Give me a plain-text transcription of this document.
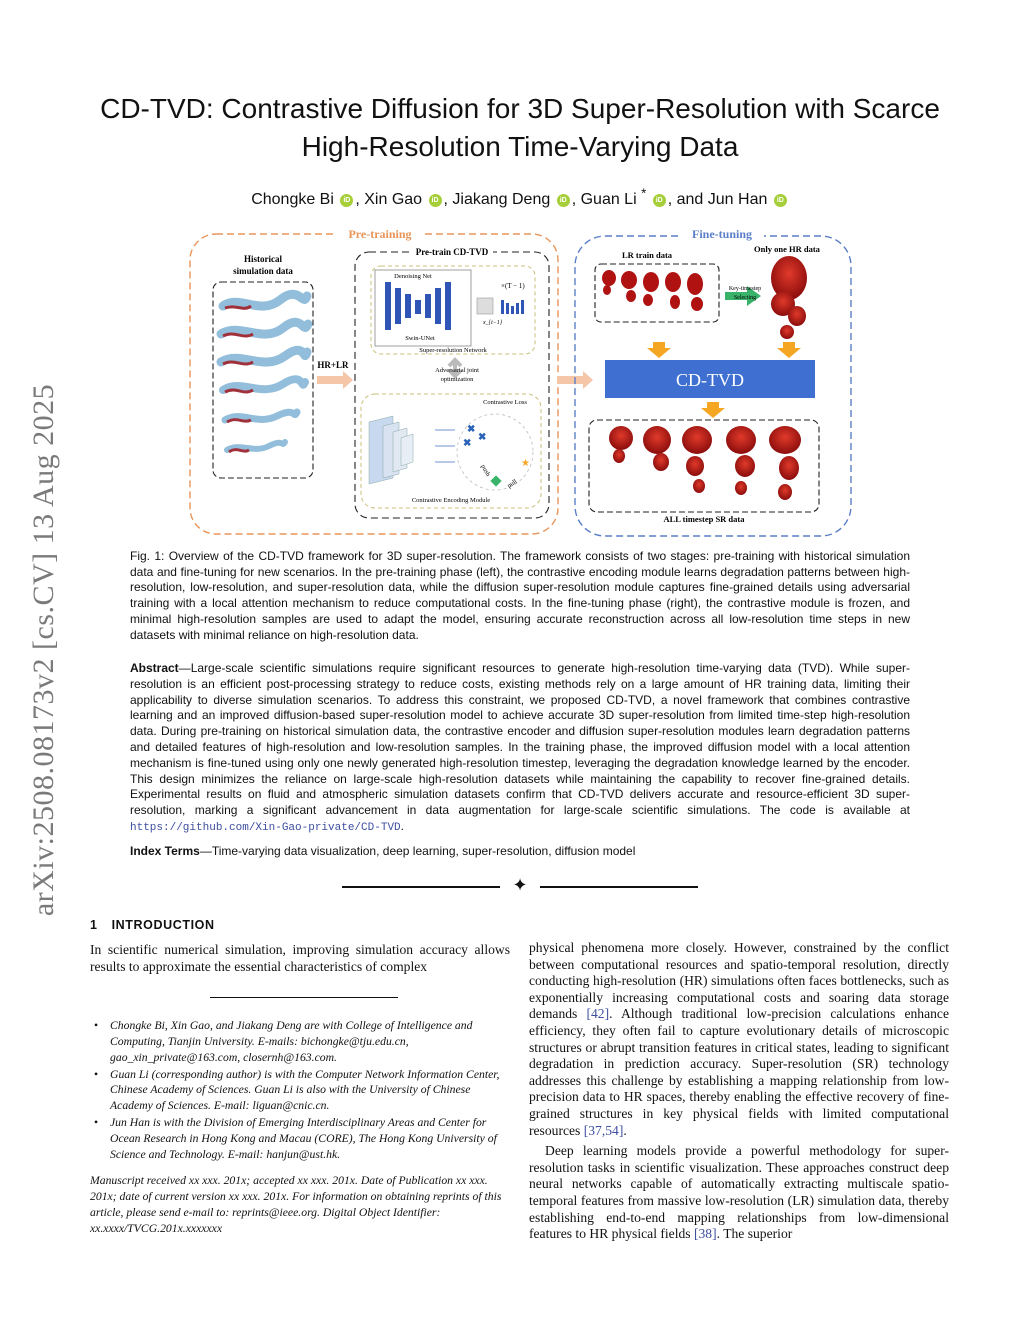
arXiv:2508.08173v2 [cs.CV] 13 Aug 2025
CD-TVD: Contrastive Diffusion for 3D Super-Resolution with Scarce
High-Resolution Time-Varying Data
Chongke Bi iD , Xin Gao iD , Jiakang Deng iD , Guan Li * iD , and Jun Han iD
Pre-training
Historical
simulation data
HR+LR
Pre-train CD-TVD
Denoising Net
Swin-UNet
x_{t−1}
×(T − 1)
Super-resolution Network
Adversarial joint
optimization
Contrastive Loss
✖
✖
✖
push	★
pull
Contrastive Encoding Module
Fine-tuning
LR train data
Only one HR data
Key-timestep
Selecting
CD-TVD
ALL timestep SR data
Fig. 1: Overview of the CD-TVD framework for 3D super-resolution. The framework consists of two stages: pre-training with historical simulation data and fine-tuning for new scenarios. In the pre-training phase (left), the contrastive encoding module learns degradation patterns between high-resolution, low-resolution, and super-resolution data, while the diffusion super-resolution module captures fine-grained details using adversarial training with a local attention mechanism to reduce computational costs. In the fine-tuning phase (right), the contrastive module is frozen, and minimal high-resolution samples are used to adapt the model, ensuring accurate reconstruction across all low-resolution time steps in new datasets with minimal reliance on high-resolution data.
Abstract—Large-scale scientific simulations require significant resources to generate high-resolution time-varying data (TVD). While super-resolution is an efficient post-processing strategy to reduce costs, existing methods rely on a large amount of HR training data, limiting their applicability to diverse simulation scenarios. To address this constraint, we proposed CD-TVD, a novel framework that combines contrastive learning and an improved diffusion-based super-resolution model to achieve accurate 3D super-resolution from limited time-step high-resolution data. During pre-training on historical simulation data, the contrastive encoder and diffusion super-resolution modules learn degradation patterns and detailed features of high-resolution and low-resolution samples. In the training phase, the improved diffusion model with a local attention mechanism is fine-tuned using only one newly generated high-resolution timestep, leveraging the degradation knowledge learned by the encoder. This design minimizes the reliance on large-scale high-resolution datasets while maintaining the capability to recover fine-grained details. Experimental results on fluid and atmospheric simulation datasets confirm that CD-TVD delivers accurate and resource-efficient 3D super-resolution, marking a significant advancement in data augmentation for large-scale scientific simulations. The code is available at https://github.com/Xin-Gao-private/CD-TVD.
Index Terms—Time-varying data visualization, deep learning, super-resolution, diffusion model
✦
1 INTRODUCTION

In scientific numerical simulation, improving simulation accuracy allows results to approximate the essential characteristics of complex

• Chongke Bi, Xin Gao, and Jiakang Deng are with College of Intelligence and Computing, Tianjin University. E-mails: bichongke@tju.edu.cn, gao_xin_private@163.com, closernh@163.com.
• Guan Li (corresponding author) is with the Computer Network Information Center, Chinese Academy of Sciences. Guan Li is also with the University of Chinese Academy of Sciences. E-mail: liguan@cnic.cn.
• Jun Han is with the Division of Emerging Interdisciplinary Areas and Center for Ocean Research in Hong Kong and Macau (CORE), The Hong Kong University of Science and Technology. E-mail: hanjun@ust.hk.
Manuscript received xx xxx. 201x; accepted xx xxx. 201x. Date of Publication xx xxx. 201x; date of current version xx xxx. 201x. For information on obtaining reprints of this article, please send e-mail to: reprints@ieee.org. Digital Object Identifier: xx.xxxx/TVCG.201x.xxxxxxx

physical phenomena more closely. However, constrained by the conflict between computational resources and spatio-temporal resolution, directly conducting high-resolution (HR) simulations often faces bottlenecks, such as exponentially increasing computational costs and soaring data storage demands [42]. Although traditional low-precision calculations enhance efficiency, they often fail to capture evolutionary details of microscopic structures or abrupt transition features in critical states, leading to significant degradation in prediction accuracy. Super-resolution (SR) technology addresses this challenge by establishing a mapping relationship from low-precision data to HR spaces, thereby enabling the effective recovery of fine-grained structures in key physical fields with limited computational resources [37,54].

Deep learning models provide a powerful methodology for super-resolution tasks in scientific visualization. These approaches construct deep neural networks capable of automatically extracting multiscale spatio-temporal features from massive low-resolution (LR) simulation data, thereby establishing end-to-end mapping relationships from low-dimensional features to HR physical fields [38]. The superior
